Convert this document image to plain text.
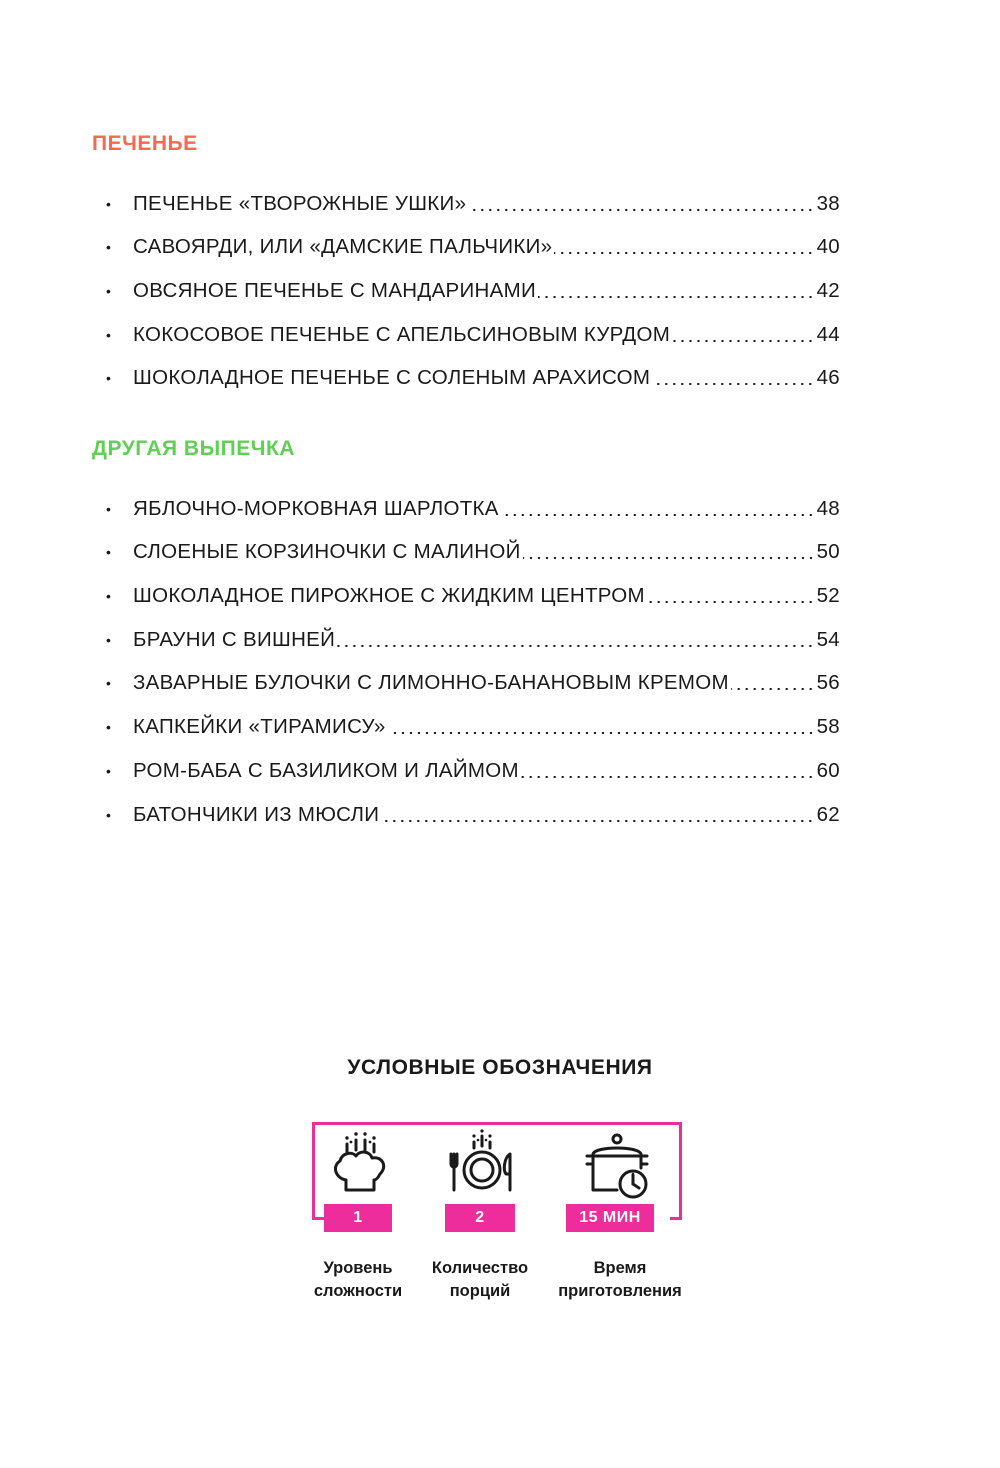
ПЕЧЕНЬЕ
•	ПЕЧЕНЬЕ «ТВОРОЖНЫЕ УШКИ»	38
•	САВОЯРДИ, ИЛИ «ДАМСКИЕ ПАЛЬЧИКИ»	40
•	ОВСЯНОЕ ПЕЧЕНЬЕ С МАНДАРИНАМИ	42
•	КОКОСОВОЕ ПЕЧЕНЬЕ С АПЕЛЬСИНОВЫМ КУРДОМ	44
•	ШОКОЛАДНОЕ ПЕЧЕНЬЕ С СОЛЕНЫМ АРАХИСОМ	46
ДРУГАЯ ВЫПЕЧКА
•	ЯБЛОЧНО-МОРКОВНАЯ ШАРЛОТКА	48
•	СЛОЕНЫЕ КОРЗИНОЧКИ С МАЛИНОЙ	50
•	ШОКОЛАДНОЕ ПИРОЖНОЕ С ЖИДКИМ ЦЕНТРОМ	52
•	БРАУНИ С ВИШНЕЙ	54
•	ЗАВАРНЫЕ БУЛОЧКИ С ЛИМОННО-БАНАНОВЫМ КРЕМОМ	56
•	КАПКЕЙКИ «ТИРАМИСУ»	58
•	РОМ-БАБА С БАЗИЛИКОМ И ЛАЙМОМ	60
•	БАТОНЧИКИ ИЗ МЮСЛИ	62
УСЛОВНЫЕ ОБОЗНАЧЕНИЯ
1	2	15 МИН
Уровень
сложности
Количество
порций
Время
приготовления
